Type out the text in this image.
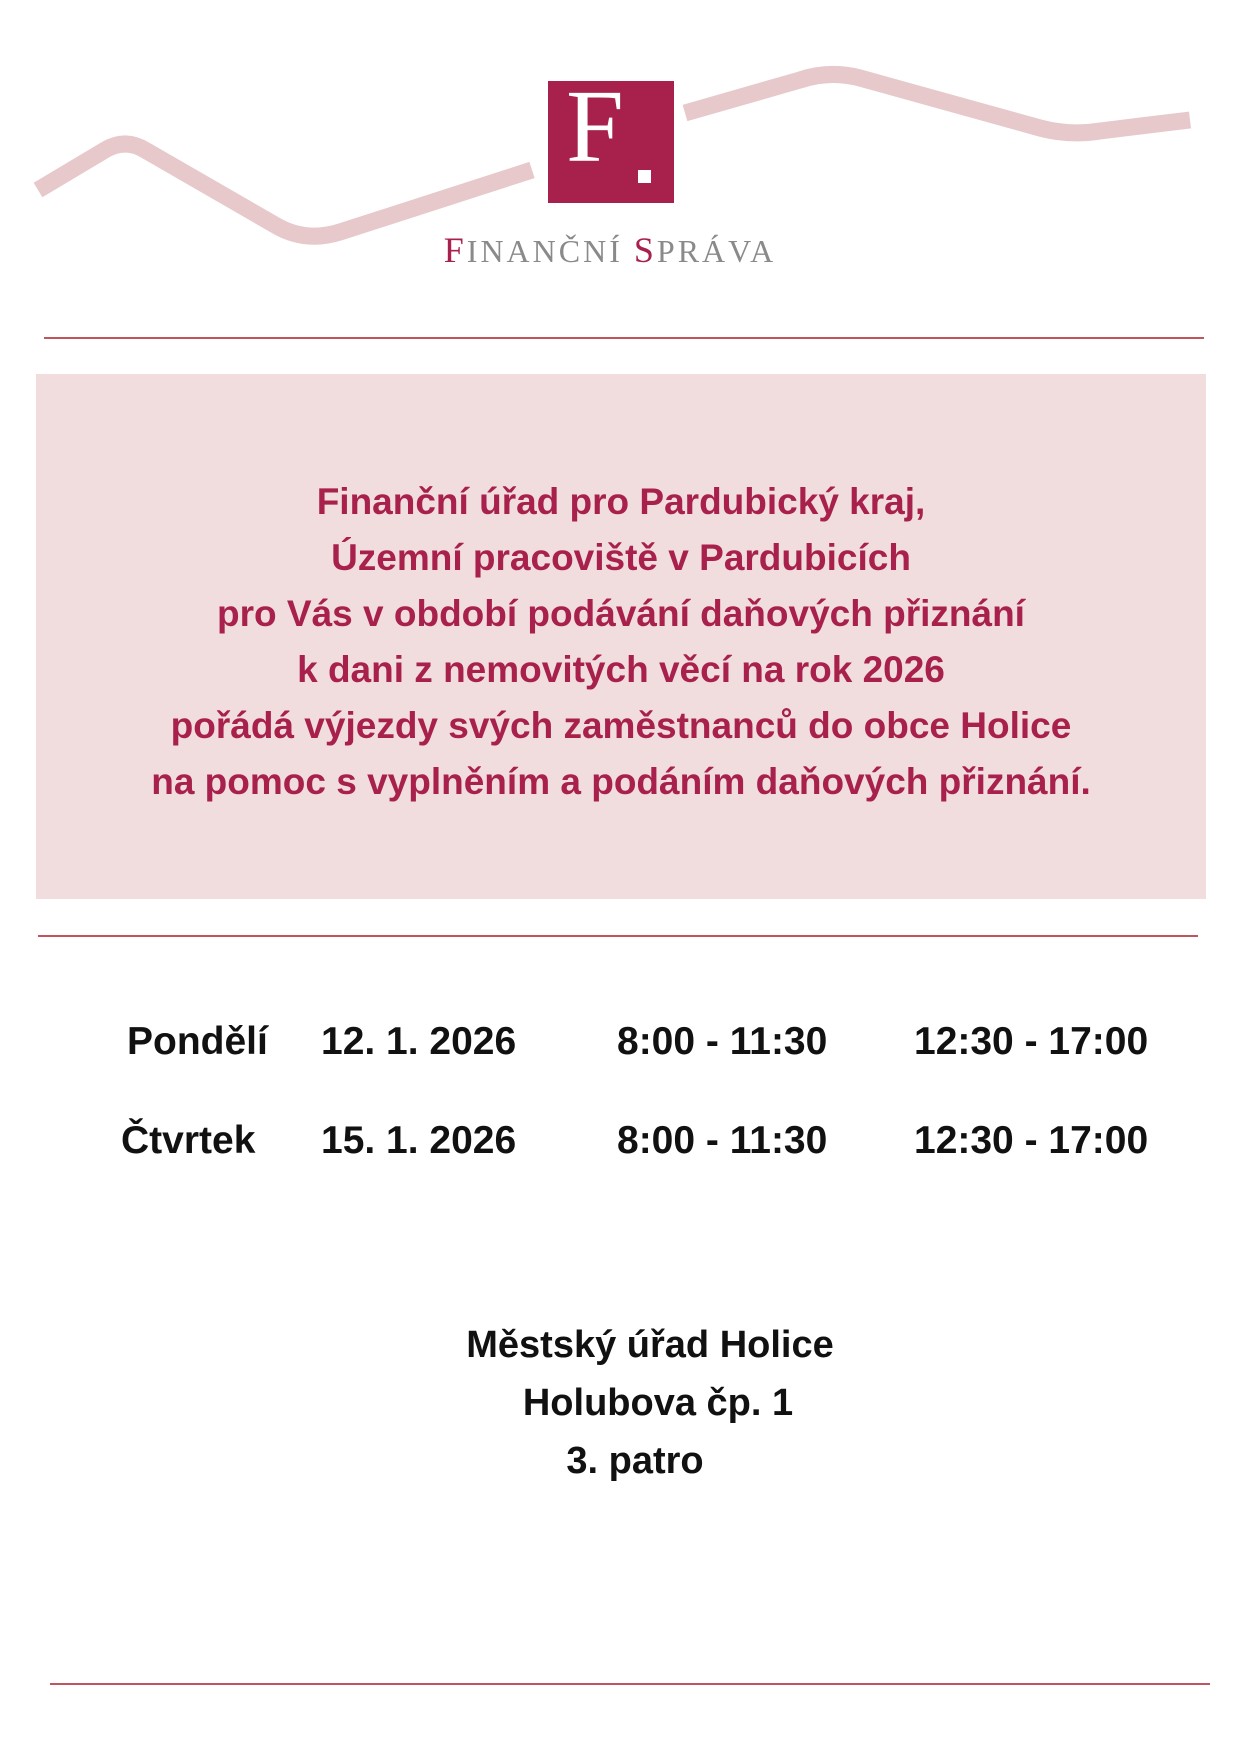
F
FINANČNÍ SPRÁVA
Finanční úřad pro Pardubický kraj,
Územní pracoviště v Pardubicích
pro Vás v období podávání daňových přiznání
k dani z nemovitých věcí na rok 2026
pořádá výjezdy svých zaměstnanců do obce Holice
na pomoc s vyplněním a podáním daňových přiznání.
Pondělí 12. 1. 2026	8:00 - 11:30 12:30 - 17:00
Čtvrtek 15. 1. 2026	8:00 - 11:30 12:30 - 17:00
Městský úřad Holice
Holubova čp. 1
3. patro
